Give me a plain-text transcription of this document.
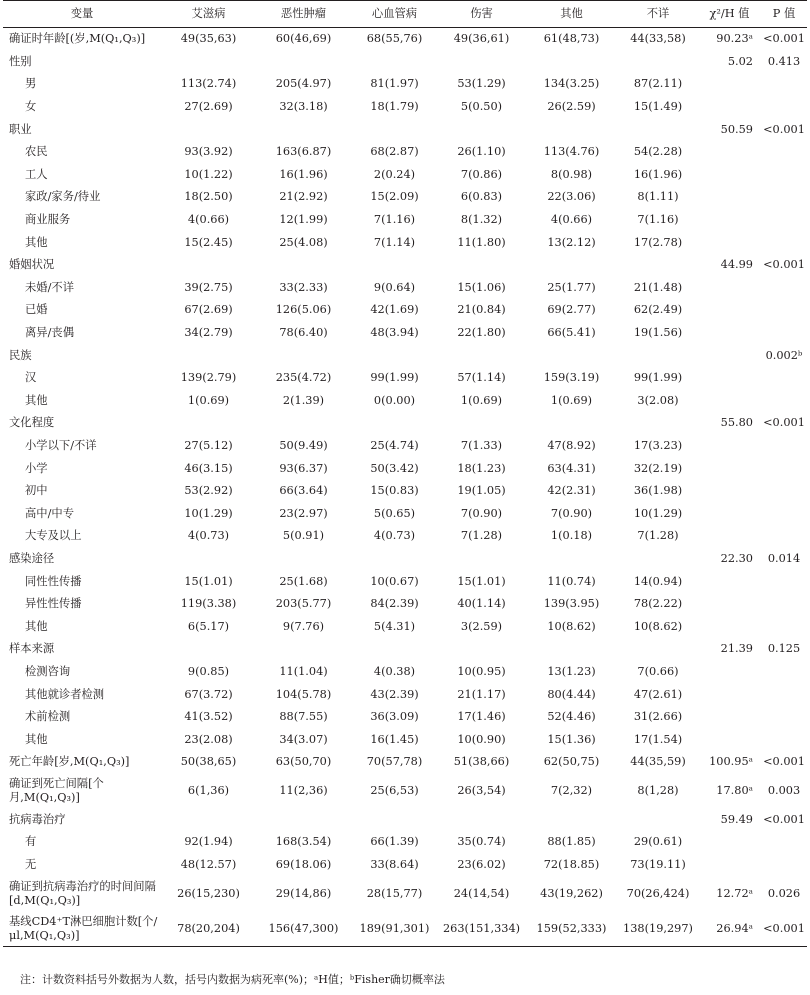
变量	艾滋病	恶性肿瘤	心血管病	伤害	其他	不详	χ²/H 值	P 值
确证时年龄[(岁,M(Q₁,Q₃)]	49(35,63)	60(46,69)	68(55,76)	49(36,61)	61(48,73)	44(33,58)	90.23ᵃ	<0.001
性别							5.02	0.413
男	113(2.74)	205(4.97)	81(1.97)	53(1.29)	134(3.25)	87(2.11)		
女	27(2.69)	32(3.18)	18(1.79)	5(0.50)	26(2.59)	15(1.49)		
职业							50.59	<0.001
农民	93(3.92)	163(6.87)	68(2.87)	26(1.10)	113(4.76)	54(2.28)		
工人	10(1.22)	16(1.96)	2(0.24)	7(0.86)	8(0.98)	16(1.96)		
家政/家务/待业	18(2.50)	21(2.92)	15(2.09)	6(0.83)	22(3.06)	8(1.11)		
商业服务	4(0.66)	12(1.99)	7(1.16)	8(1.32)	4(0.66)	7(1.16)		
其他	15(2.45)	25(4.08)	7(1.14)	11(1.80)	13(2.12)	17(2.78)		
婚姻状况							44.99	<0.001
未婚/不详	39(2.75)	33(2.33)	9(0.64)	15(1.06)	25(1.77)	21(1.48)		
已婚	67(2.69)	126(5.06)	42(1.69)	21(0.84)	69(2.77)	62(2.49)		
离异/丧偶	34(2.79)	78(6.40)	48(3.94)	22(1.80)	66(5.41)	19(1.56)		
民族								0.002ᵇ
汉	139(2.79)	235(4.72)	99(1.99)	57(1.14)	159(3.19)	99(1.99)		
其他	1(0.69)	2(1.39)	0(0.00)	1(0.69)	1(0.69)	3(2.08)		
文化程度							55.80	<0.001
小学以下/不详	27(5.12)	50(9.49)	25(4.74)	7(1.33)	47(8.92)	17(3.23)		
小学	46(3.15)	93(6.37)	50(3.42)	18(1.23)	63(4.31)	32(2.19)		
初中	53(2.92)	66(3.64)	15(0.83)	19(1.05)	42(2.31)	36(1.98)		
高中/中专	10(1.29)	23(2.97)	5(0.65)	7(0.90)	7(0.90)	10(1.29)		
大专及以上	4(0.73)	5(0.91)	4(0.73)	7(1.28)	1(0.18)	7(1.28)		
感染途径							22.30	0.014
同性性传播	15(1.01)	25(1.68)	10(0.67)	15(1.01)	11(0.74)	14(0.94)		
异性性传播	119(3.38)	203(5.77)	84(2.39)	40(1.14)	139(3.95)	78(2.22)		
其他	6(5.17)	9(7.76)	5(4.31)	3(2.59)	10(8.62)	10(8.62)		
样本来源							21.39	0.125
检测咨询	9(0.85)	11(1.04)	4(0.38)	10(0.95)	13(1.23)	7(0.66)		
其他就诊者检测	67(3.72)	104(5.78)	43(2.39)	21(1.17)	80(4.44)	47(2.61)		
术前检测	41(3.52)	88(7.55)	36(3.09)	17(1.46)	52(4.46)	31(2.66)		
其他	23(2.08)	34(3.07)	16(1.45)	10(0.90)	15(1.36)	17(1.54)		
死亡年龄[岁,M(Q₁,Q₃)]	50(38,65)	63(50,70)	70(57,78)	51(38,66)	62(50,75)	44(35,59)	100.95ᵃ	<0.001
确证到死亡间隔[个月,M(Q₁,Q₃)]	6(1,36)	11(2,36)	25(6,53)	26(3,54)	7(2,32)	8(1,28)	17.80ᵃ	0.003
抗病毒治疗							59.49	<0.001
有	92(1.94)	168(3.54)	66(1.39)	35(0.74)	88(1.85)	29(0.61)		
无	48(12.57)	69(18.06)	33(8.64)	23(6.02)	72(18.85)	73(19.11)		
确证到抗病毒治疗的时间间隔[d,M(Q₁,Q₃)]	26(15,230)	29(14,86)	28(15,77)	24(14,54)	43(19,262)	70(26,424)	12.72ᵃ	0.026
基线CD4⁺T淋巴细胞计数[个/μl,M(Q₁,Q₃)]	78(20,204)	156(47,300)	189(91,301)	263(151,334)	159(52,333)	138(19,297)	26.94ᵃ	<0.001
注：计数资料括号外数据为人数，括号内数据为病死率(%)；ᵃH值；ᵇFisher确切概率法
